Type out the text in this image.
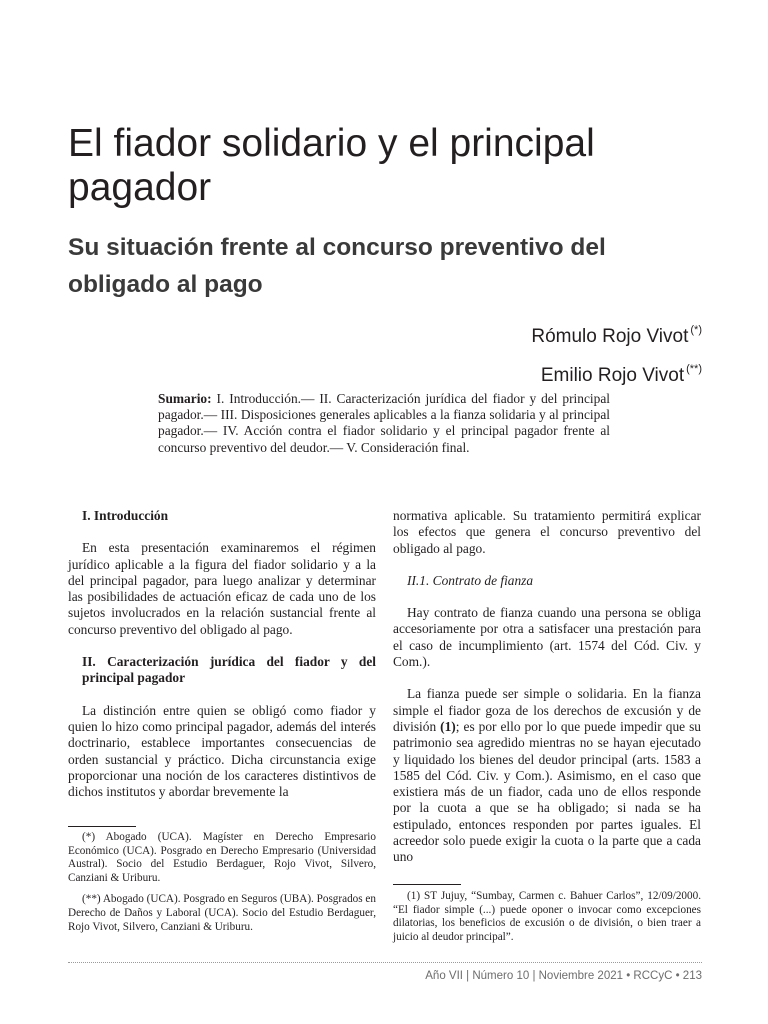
El fiador solidario y el principal pagador
Su situación frente al concurso preventivo del obligado al pago
Rómulo Rojo Vivot (*)
Emilio Rojo Vivot (**)
Sumario: I. Introducción.— II. Caracterización jurídica del fiador y del principal pagador.— III. Disposiciones generales aplicables a la fianza solidaria y al principal pagador.— IV. Acción contra el fiador solidario y el principal pagador frente al concurso preventivo del deudor.— V. Consideración final.
I. Introducción

En esta presentación examinaremos el régimen jurídico aplicable a la figura del fiador solidario y a la del principal pagador, para luego analizar y determinar las posibilidades de actuación eficaz de cada uno de los sujetos involucrados en la relación sustancial frente al concurso preventivo del obligado al pago.

II. Caracterización jurídica del fiador y del principal pagador

La distinción entre quien se obligó como fiador y quien lo hizo como principal pagador, además del interés doctrinario, establece importantes consecuencias de orden sustancial y práctico. Dicha circunstancia exige proporcionar una noción de los caracteres distintivos de dichos institutos y abordar brevemente la

(*) Abogado (UCA). Magíster en Derecho Empresario Económico (UCA). Posgrado en Derecho Empresario (Universidad Austral). Socio del Estudio Berdaguer, Rojo Vivot, Silvero, Canziani & Uriburu.

(**) Abogado (UCA). Posgrado en Seguros (UBA). Posgrados en Derecho de Daños y Laboral (UCA). Socio del Estudio Berdaguer, Rojo Vivot, Silvero, Canziani & Uriburu.

normativa aplicable. Su tratamiento permitirá explicar los efectos que genera el concurso preventivo del obligado al pago.

II.1. Contrato de fianza

Hay contrato de fianza cuando una persona se obliga accesoriamente por otra a satisfacer una prestación para el caso de incumplimiento (art. 1574 del Cód. Civ. y Com.).

La fianza puede ser simple o solidaria. En la fianza simple el fiador goza de los derechos de excusión y de división (1); es por ello por lo que puede impedir que su patrimonio sea agredido mientras no se hayan ejecutado y liquidado los bienes del deudor principal (arts. 1583 a 1585 del Cód. Civ. y Com.). Asimismo, en el caso que existiera más de un fiador, cada uno de ellos responde por la cuota a que se ha obligado; si nada se ha estipulado, entonces responden por partes iguales. El acreedor solo puede exigir la cuota o la parte que a cada uno

(1) ST Jujuy, “Sumbay, Carmen c. Bahuer Carlos”, 12/09/2000. “El fiador simple (...) puede oponer o invocar como excepciones dilatorias, los beneficios de excusión o de división, o bien traer a juicio al deudor principal”.

Año VII | Número 10 | Noviembre 2021 • RCCyC • 213
